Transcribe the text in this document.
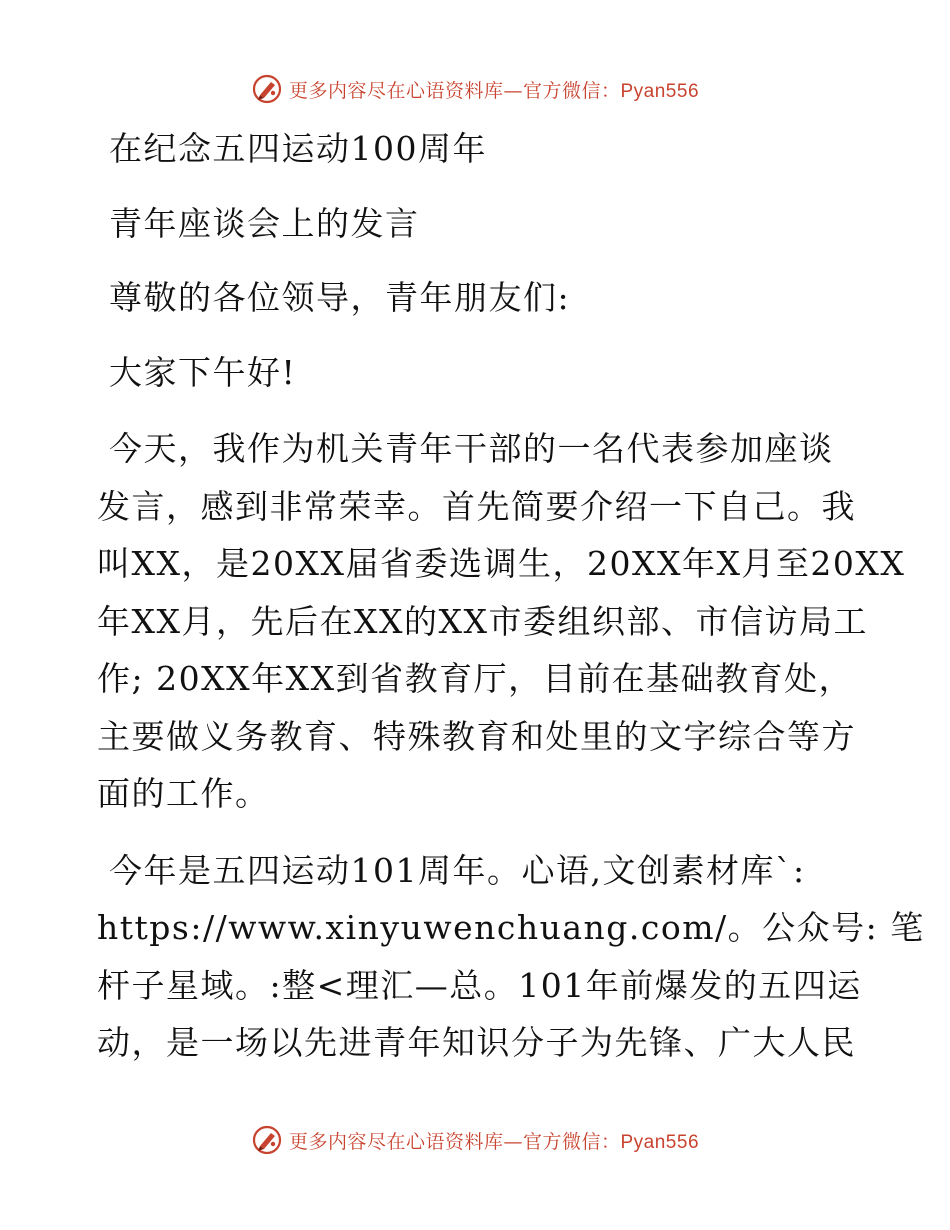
更多内容尽在心语资料库—官方微信：Pyan556
在纪念五四运动100周年
青年座谈会上的发言
尊敬的各位领导，青年朋友们:
大家下午好!
今天，我作为机关青年干部的一名代表参加座谈
发言，感到非常荣幸。首先简要介绍一下自己。我
叫XX，是20XX届省委选调生，20XX年X月至20XX
年XX月，先后在XX的XX市委组织部、市信访局工
作; 20XX年XX到省教育厅，目前在基础教育处，
主要做义务教育、特殊教育和处里的文字综合等方
面的工作。
今年是五四运动101周年。心语,文创素材库`:
https://www.xinyuwenchuang.com/。公众号: 笔
杆子星域。:整<理汇—总。101年前爆发的五四运
动，是一场以先进青年知识分子为先锋、广大人民
更多内容尽在心语资料库—官方微信：Pyan556
